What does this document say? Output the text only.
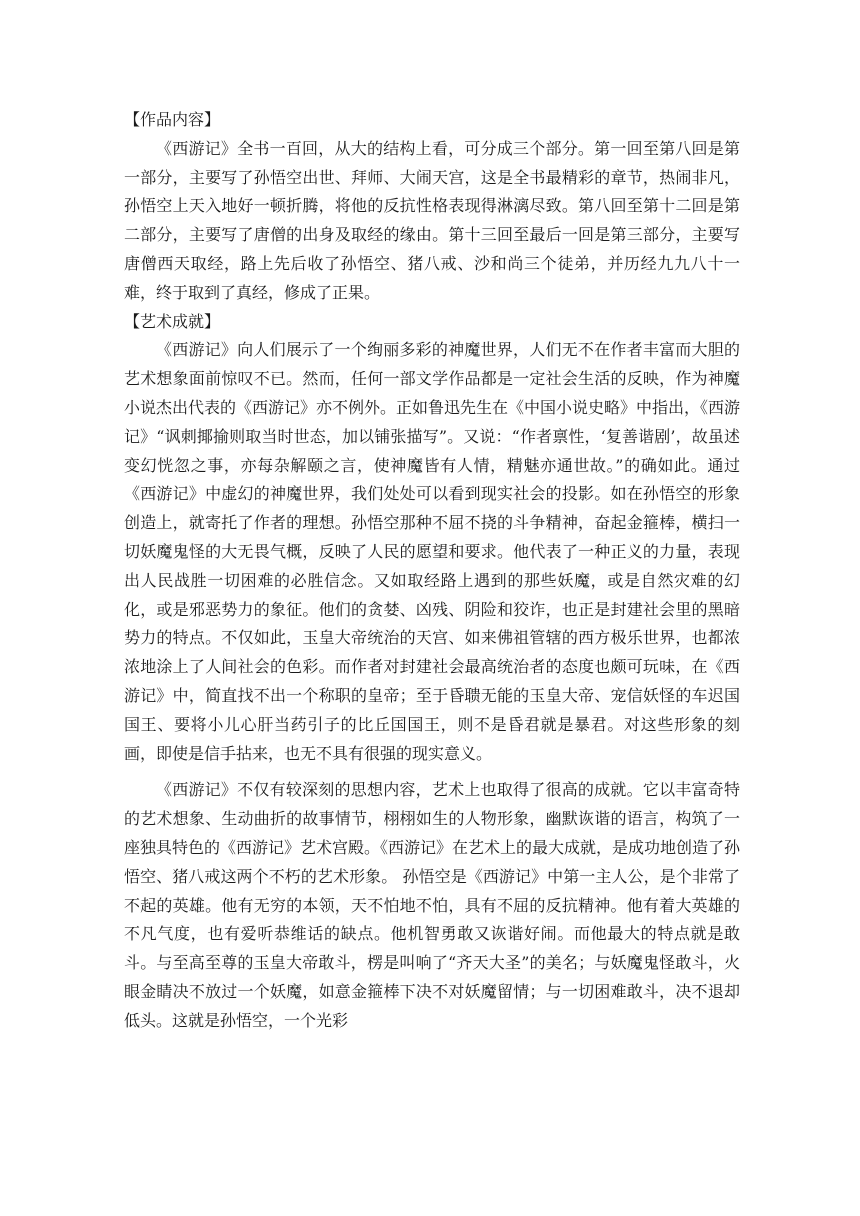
【作品内容】

《西游记》全书一百回，从大的结构上看，可分成三个部分。第一回至第八回是第一部分，主要写了孙悟空出世、拜师、大闹天宫，这是全书最精彩的章节，热闹非凡，孙悟空上天入地好一顿折腾，将他的反抗性格表现得淋漓尽致。第八回至第十二回是第二部分，主要写了唐僧的出身及取经的缘由。第十三回至最后一回是第三部分，主要写唐僧西天取经，路上先后收了孙悟空、猪八戒、沙和尚三个徒弟，并历经九九八十一难，终于取到了真经，修成了正果。

【艺术成就】

《西游记》向人们展示了一个绚丽多彩的神魔世界，人们无不在作者丰富而大胆的艺术想象面前惊叹不已。然而，任何一部文学作品都是一定社会生活的反映，作为神魔小说杰出代表的《西游记》亦不例外。正如鲁迅先生在《中国小说史略》中指出，《西游记》“讽刺揶揄则取当时世态，加以铺张描写”。又说：“作者禀性，‘复善谐剧’，故虽述变幻恍忽之事，亦每杂解颐之言，使神魔皆有人情，精魅亦通世故。”的确如此。通过《西游记》中虚幻的神魔世界，我们处处可以看到现实社会的投影。如在孙悟空的形象创造上，就寄托了作者的理想。孙悟空那种不屈不挠的斗争精神，奋起金箍棒，横扫一切妖魔鬼怪的大无畏气概，反映了人民的愿望和要求。他代表了一种正义的力量，表现出人民战胜一切困难的必胜信念。又如取经路上遇到的那些妖魔，或是自然灾难的幻化，或是邪恶势力的象征。他们的贪婪、凶残、阴险和狡诈，也正是封建社会里的黑暗势力的特点。不仅如此，玉皇大帝统治的天宫、如来佛祖管辖的西方极乐世界，也都浓浓地涂上了人间社会的色彩。而作者对封建社会最高统治者的态度也颇可玩味，在《西游记》中，简直找不出一个称职的皇帝；至于昏聩无能的玉皇大帝、宠信妖怪的车迟国国王、要将小儿心肝当药引子的比丘国国王，则不是昏君就是暴君。对这些形象的刻画，即使是信手拈来，也无不具有很强的现实意义。

《西游记》不仅有较深刻的思想内容，艺术上也取得了很高的成就。它以丰富奇特的艺术想象、生动曲折的故事情节，栩栩如生的人物形象，幽默诙谐的语言，构筑了一座独具特色的《西游记》艺术宫殿。《西游记》在艺术上的最大成就，是成功地创造了孙悟空、猪八戒这两个不朽的艺术形象。 孙悟空是《西游记》中第一主人公，是个非常了不起的英雄。他有无穷的本领，天不怕地不怕，具有不屈的反抗精神。他有着大英雄的不凡气度，也有爱听恭维话的缺点。他机智勇敢又诙谐好闹。而他最大的特点就是敢斗。与至高至尊的玉皇大帝敢斗，楞是叫响了“齐天大圣”的美名；与妖魔鬼怪敢斗，火眼金睛决不放过一个妖魔，如意金箍棒下决不对妖魔留情；与一切困难敢斗，决不退却低头。这就是孙悟空，一个光彩
